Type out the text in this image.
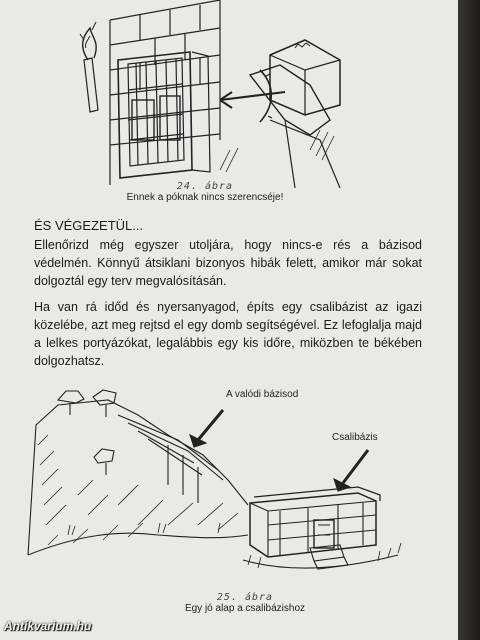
24. ábra
Ennek a póknak nincs szerencséje!
ÉS VÉGEZETÜL...

Ellenőrizd még egyszer utoljára, hogy nincs-e rés a bázisod védelmén. Könnyű átsiklani bizonyos hibák felett, amikor már sokat dolgoztál egy terv megvalósításán.

Ha van rá időd és nyersanyagod, építs egy csalibázist az igazi közelébe, azt meg rejtsd el egy domb segítségével. Ez lefoglalja majd a lelkes portyázókat, legalábbis egy kis időre, miközben te békében dolgozhatsz.

A valódi bázisod
Csalibázis
25. ábra
Egy jó alap a csalibázishoz
Antikvarium.hu
